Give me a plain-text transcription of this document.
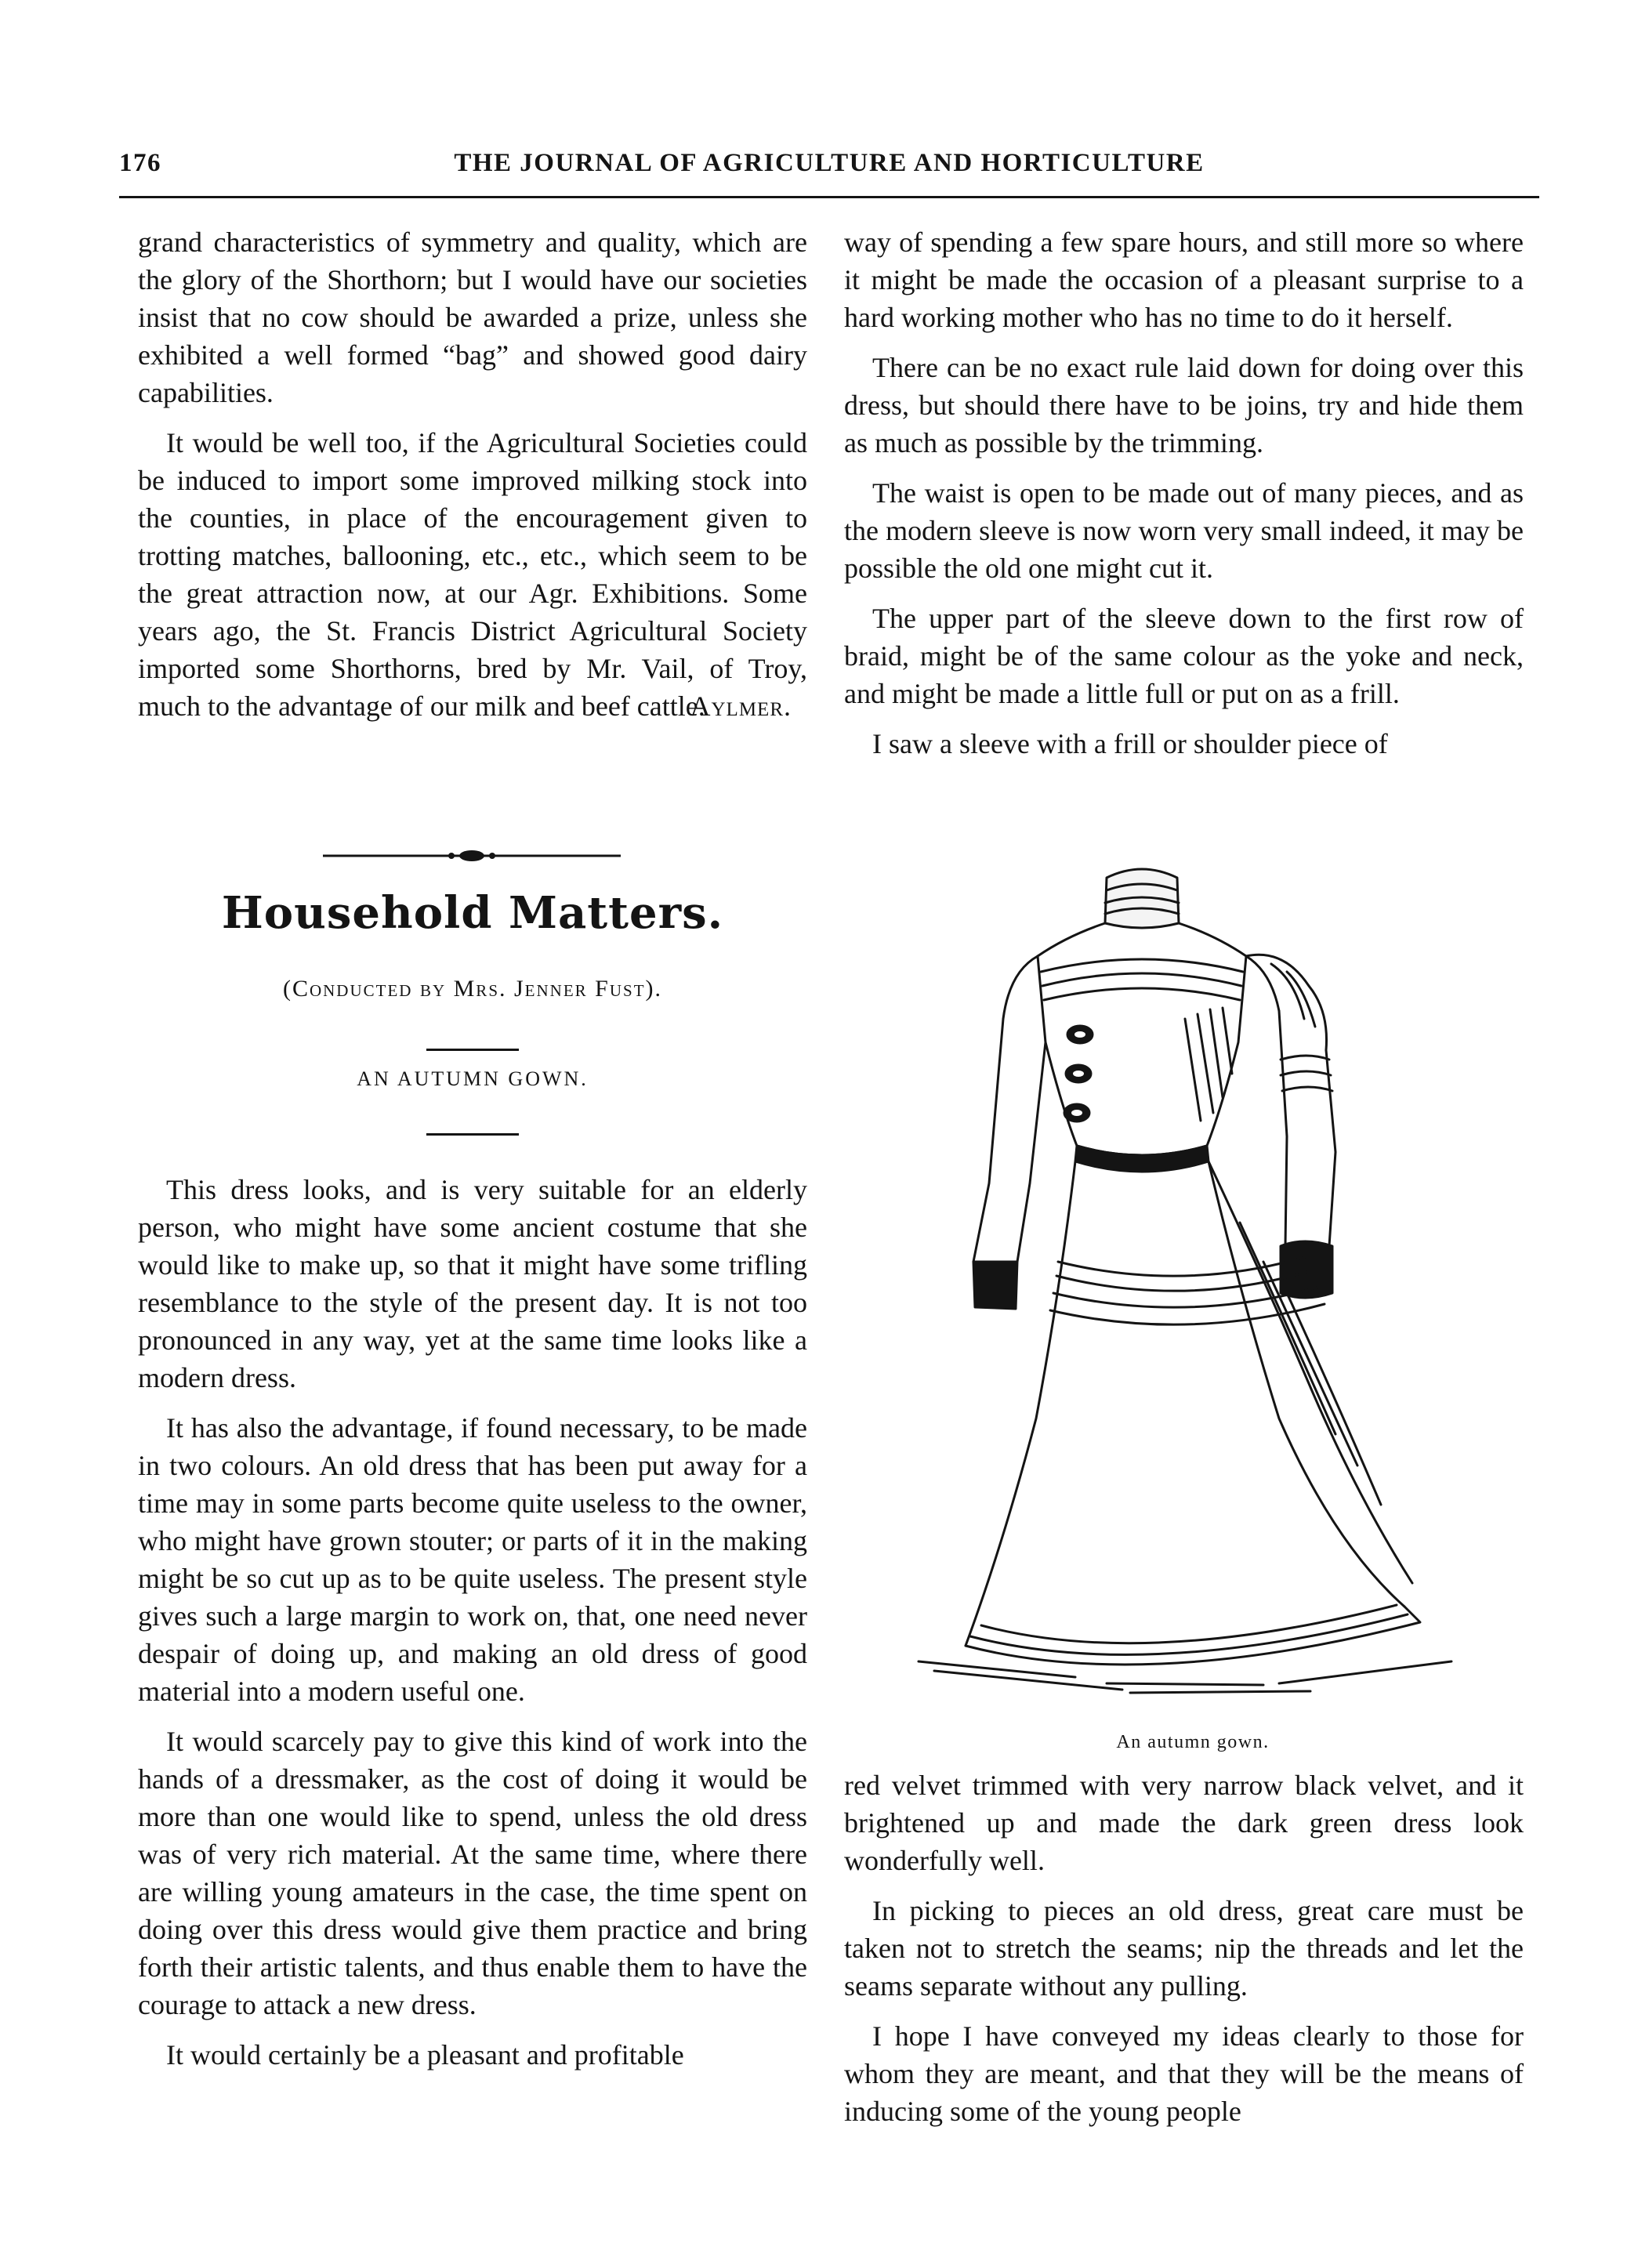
176	THE JOURNAL OF AGRICULTURE AND HORTICULTURE

grand characteristics of symmetry and quality, which are the glory of the Shorthorn; but I would have our societies insist that no cow should be awarded a prize, unless she exhibited a well formed “bag” and showed good dairy capabilities.

It would be well too, if the Agricultural Societies could be induced to import some improved milking stock into the counties, in place of the encouragement given to trotting matches, ballooning, etc., etc., which seem to be the great attraction now, at our Agr. Exhibitions. Some years ago, the St. Francis District Agricultural Society imported some Shorthorns, bred by Mr. Vail, of Troy, much to the advantage of our milk and beef cattle.

Aylmer.
Household Matters.
(Conducted by Mrs. Jenner Fust).
AN AUTUMN GOWN.

This dress looks, and is very suitable for an elderly person, who might have some ancient costume that she would like to make up, so that it might have some trifling resemblance to the style of the present day. It is not too pronounced in any way, yet at the same time looks like a modern dress.

It has also the advantage, if found necessary, to be made in two colours. An old dress that has been put away for a time may in some parts become quite useless to the owner, who might have grown stouter; or parts of it in the making might be so cut up as to be quite useless. The present style gives such a large margin to work on, that, one need never despair of doing up, and making an old dress of good material into a modern useful one.

It would scarcely pay to give this kind of work into the hands of a dressmaker, as the cost of doing it would be more than one would like to spend, unless the old dress was of very rich material. At the same time, where there are willing young amateurs in the case, the time spent on doing over this dress would give them practice and bring forth their artistic talents, and thus enable them to have the courage to attack a new dress.

It would certainly be a pleasant and profitable

way of spending a few spare hours, and still more so where it might be made the occasion of a pleasant surprise to a hard working mother who has no time to do it herself.

There can be no exact rule laid down for doing over this dress, but should there have to be joins, try and hide them as much as possible by the trimming.

The waist is open to be made out of many pieces, and as the modern sleeve is now worn very small indeed, it may be possible the old one might cut it.

The upper part of the sleeve down to the first row of braid, might be of the same colour as the yoke and neck, and might be made a little full or put on as a frill.

I saw a sleeve with a frill or shoulder piece of

An autumn gown.

red velvet trimmed with very narrow black velvet, and it brightened up and made the dark green dress look wonderfully well.

In picking to pieces an old dress, great care must be taken not to stretch the seams; nip the threads and let the seams separate without any pulling.

I hope I have conveyed my ideas clearly to those for whom they are meant, and that they will be the means of inducing some of the young people
